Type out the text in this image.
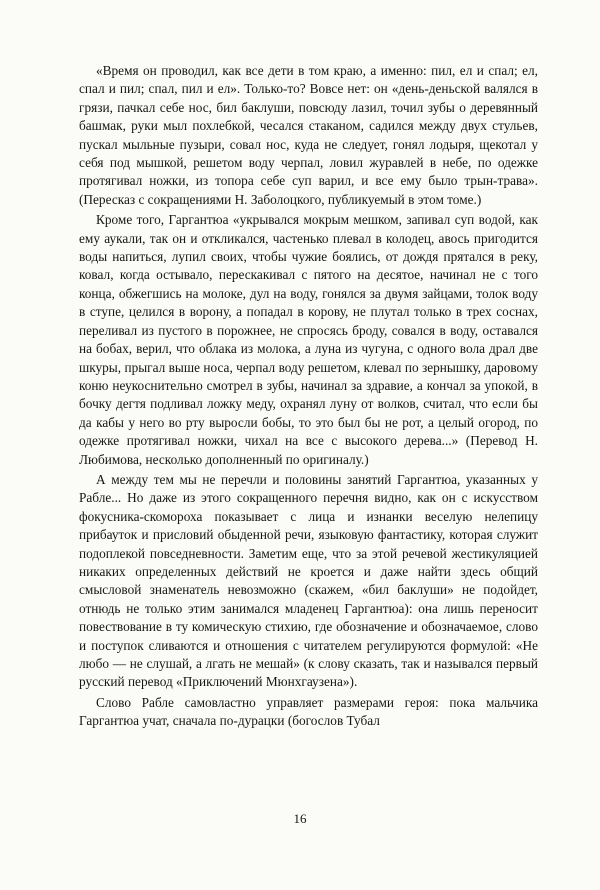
«Время он проводил, как все дети в том краю, а именно: пил, ел и спал; ел, спал и пил; спал, пил и ел». Только-то? Вовсе нет: он «день-деньской валялся в грязи, пачкал себе нос, бил баклуши, повсюду лазил, точил зубы о деревянный башмак, руки мыл похлебкой, чесался стаканом, садился между двух стульев, пускал мыльные пузыри, совал нос, куда не следует, гонял лодыря, щекотал у себя под мышкой, решетом воду черпал, ловил журавлей в небе, по одежке протягивал ножки, из топора себе суп варил, и все ему было трын-трава». (Пересказ с сокращениями Н. Заболоцкого, публикуемый в этом томе.)

Кроме того, Гаргантюа «укрывался мокрым мешком, запивал суп водой, как ему аукали, так он и откликался, частенько плевал в колодец, авось пригодится воды напиться, лупил своих, чтобы чужие боялись, от дождя прятался в реку, ковал, когда остывало, перескакивал с пятого на десятое, начинал не с того конца, обжегшись на молоке, дул на воду, гонялся за двумя зайцами, толок воду в ступе, целился в ворону, а попадал в корову, не плутал только в трех соснах, переливал из пустого в порожнее, не спросясь броду, совался в воду, оставался на бобах, верил, что облака из молока, а луна из чугуна, с одного вола драл две шкуры, прыгал выше носа, черпал воду решетом, клевал по зернышку, даровому коню неукоснительно смотрел в зубы, начинал за здравие, а кончал за упокой, в бочку дегтя подливал ложку меду, охранял луну от волков, считал, что если бы да кабы у него во рту выросли бобы, то это был бы не рот, а целый огород, по одежке протягивал ножки, чихал на все с высокого дерева...» (Перевод Н. Любимова, несколько дополненный по оригиналу.)

А между тем мы не перечли и половины занятий Гаргантюа, указанных у Рабле... Но даже из этого сокращенного перечня видно, как он с искусством фокусника-скомороха показывает с лица и изнанки веселую нелепицу прибауток и присловий обыденной речи, языковую фантастику, которая служит подоплекой повседневности. Заметим еще, что за этой речевой жестикуляцией никаких определенных действий не кроется и даже найти здесь общий смысловой знаменатель невозможно (скажем, «бил баклуши» не подойдет, отнюдь не только этим занимался младенец Гаргантюа): она лишь переносит повествование в ту комическую стихию, где обозначение и обозначаемое, слово и поступок сливаются и отношения с читателем регулируются формулой: «Не любо — не слушай, а лгать не мешай» (к слову сказать, так и назывался первый русский перевод «Приключений Мюнхгаузена»).

Слово Рабле самовластно управляет размерами героя: пока мальчика Гаргантюа учат, сначала по-дурацки (богослов Тубал

16
